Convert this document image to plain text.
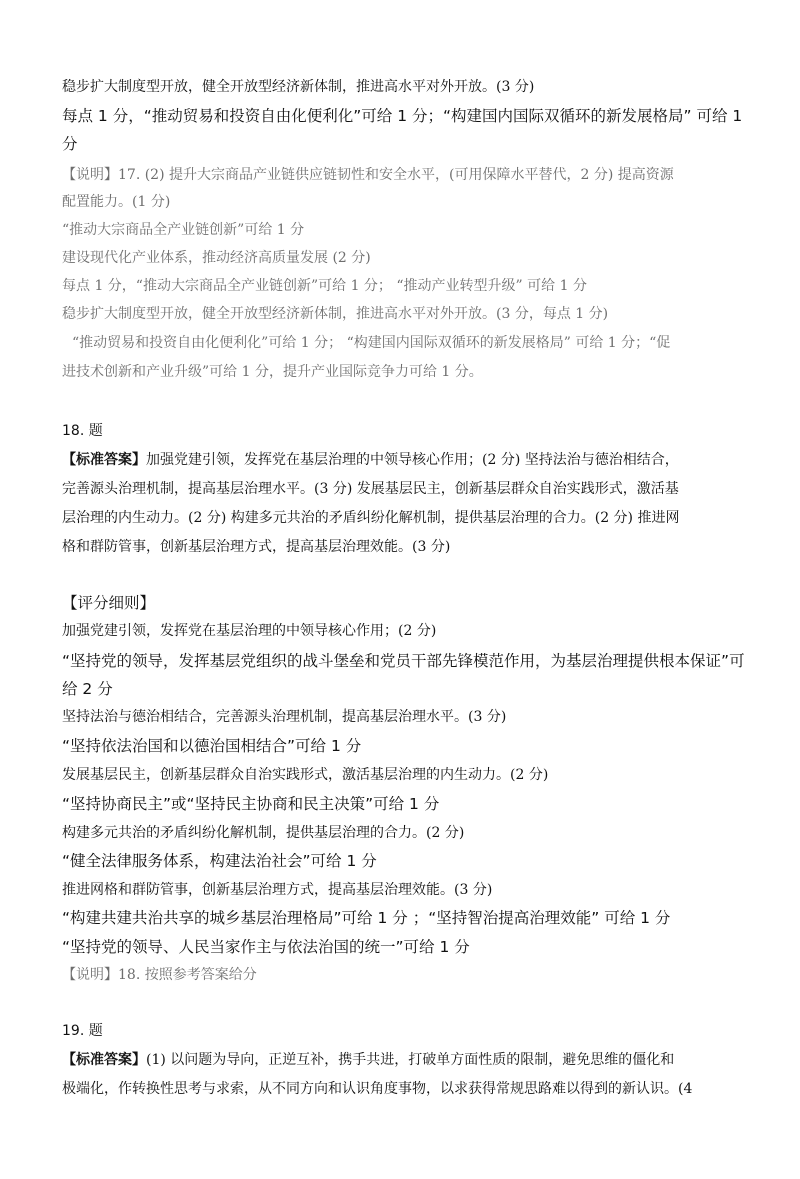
稳步扩大制度型开放，健全开放型经济新体制，推进高水平对外开放。(3 分)

每点 1 分，“推动贸易和投资自由化便利化”可给 1 分；“构建国内国际双循环的新发展格局” 可给 1

分

【说明】17. (2) 提升大宗商品产业链供应链韧性和安全水平，(可用保障水平替代，2 分) 提高资源

配置能力。(1 分)

“推动大宗商品全产业链创新”可给 1 分

建设现代化产业体系，推动经济高质量发展 (2 分)

每点 1 分，“推动大宗商品全产业链创新”可给 1 分； “推动产业转型升级” 可给 1 分

稳步扩大制度型开放，健全开放型经济新体制，推进高水平对外开放。(3 分，每点 1 分)

“推动贸易和投资自由化便利化”可给 1 分； “构建国内国际双循环的新发展格局” 可给 1 分；“促

进技术创新和产业升级”可给 1 分，提升产业国际竞争力可给 1 分。

18. 题

【标准答案】加强党建引领，发挥党在基层治理的中领导核心作用；(2 分) 坚持法治与德治相结合，

完善源头治理机制，提高基层治理水平。(3 分) 发展基层民主，创新基层群众自治实践形式，激活基

层治理的内生动力。(2 分) 构建多元共治的矛盾纠纷化解机制，提供基层治理的合力。(2 分) 推进网

格和群防管事，创新基层治理方式，提高基层治理效能。(3 分)

【评分细则】

加强党建引领，发挥党在基层治理的中领导核心作用；(2 分)

“坚持党的领导，发挥基层党组织的战斗堡垒和党员干部先锋模范作用，为基层治理提供根本保证”可

给 2 分

坚持法治与德治相结合，完善源头治理机制，提高基层治理水平。(3 分)

“坚持依法治国和以德治国相结合”可给 1 分

发展基层民主，创新基层群众自治实践形式，激活基层治理的内生动力。(2 分)

“坚持协商民主”或“坚持民主协商和民主决策”可给 1 分

构建多元共治的矛盾纠纷化解机制，提供基层治理的合力。(2 分)

“健全法律服务体系，构建法治社会”可给 1 分

推进网格和群防管事，创新基层治理方式，提高基层治理效能。(3 分)

“构建共建共治共享的城乡基层治理格局”可给 1 分 ；“坚持智治提高治理效能” 可给 1 分

“坚持党的领导、人民当家作主与依法治国的统一”可给 1 分

【说明】18. 按照参考答案给分

19. 题

【标准答案】(1) 以问题为导向，正逆互补，携手共进，打破单方面性质的限制，避免思维的僵化和

极端化，作转换性思考与求索，从不同方向和认识角度事物，以求获得常规思路难以得到的新认识。(4
